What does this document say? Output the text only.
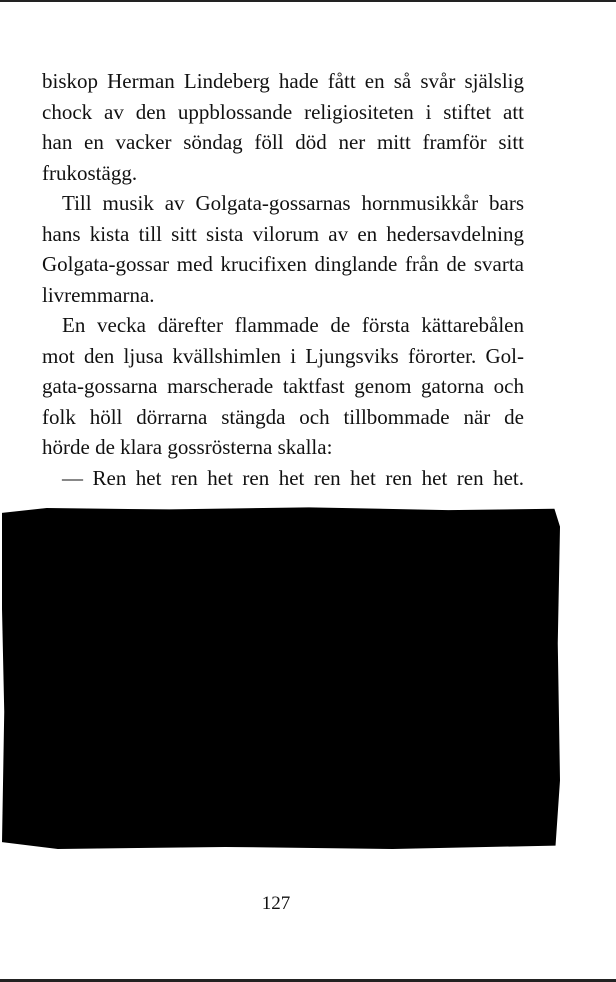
biskop Herman Lindeberg hade fått en så svår själslig
chock av den uppblossande religiositeten i stiftet att
han en vacker söndag föll död ner mitt framför sitt
frukostägg.

Till musik av Golgata-gossarnas hornmusikkår bars
hans kista till sitt sista vilorum av en hedersavdelning
Golgata-gossar med krucifixen dinglande från de svarta
livremmarna.

En vecka därefter flammade de första kättarebålen
mot den ljusa kvällshimlen i Ljungsviks förorter. Gol-
gata-gossarna marscherade taktfast genom gatorna och
folk höll dörrarna stängda och tillbommade när de
hörde de klara gossrösterna skalla:

— Ren het ren het ren het ren het ren het ren het.

127
